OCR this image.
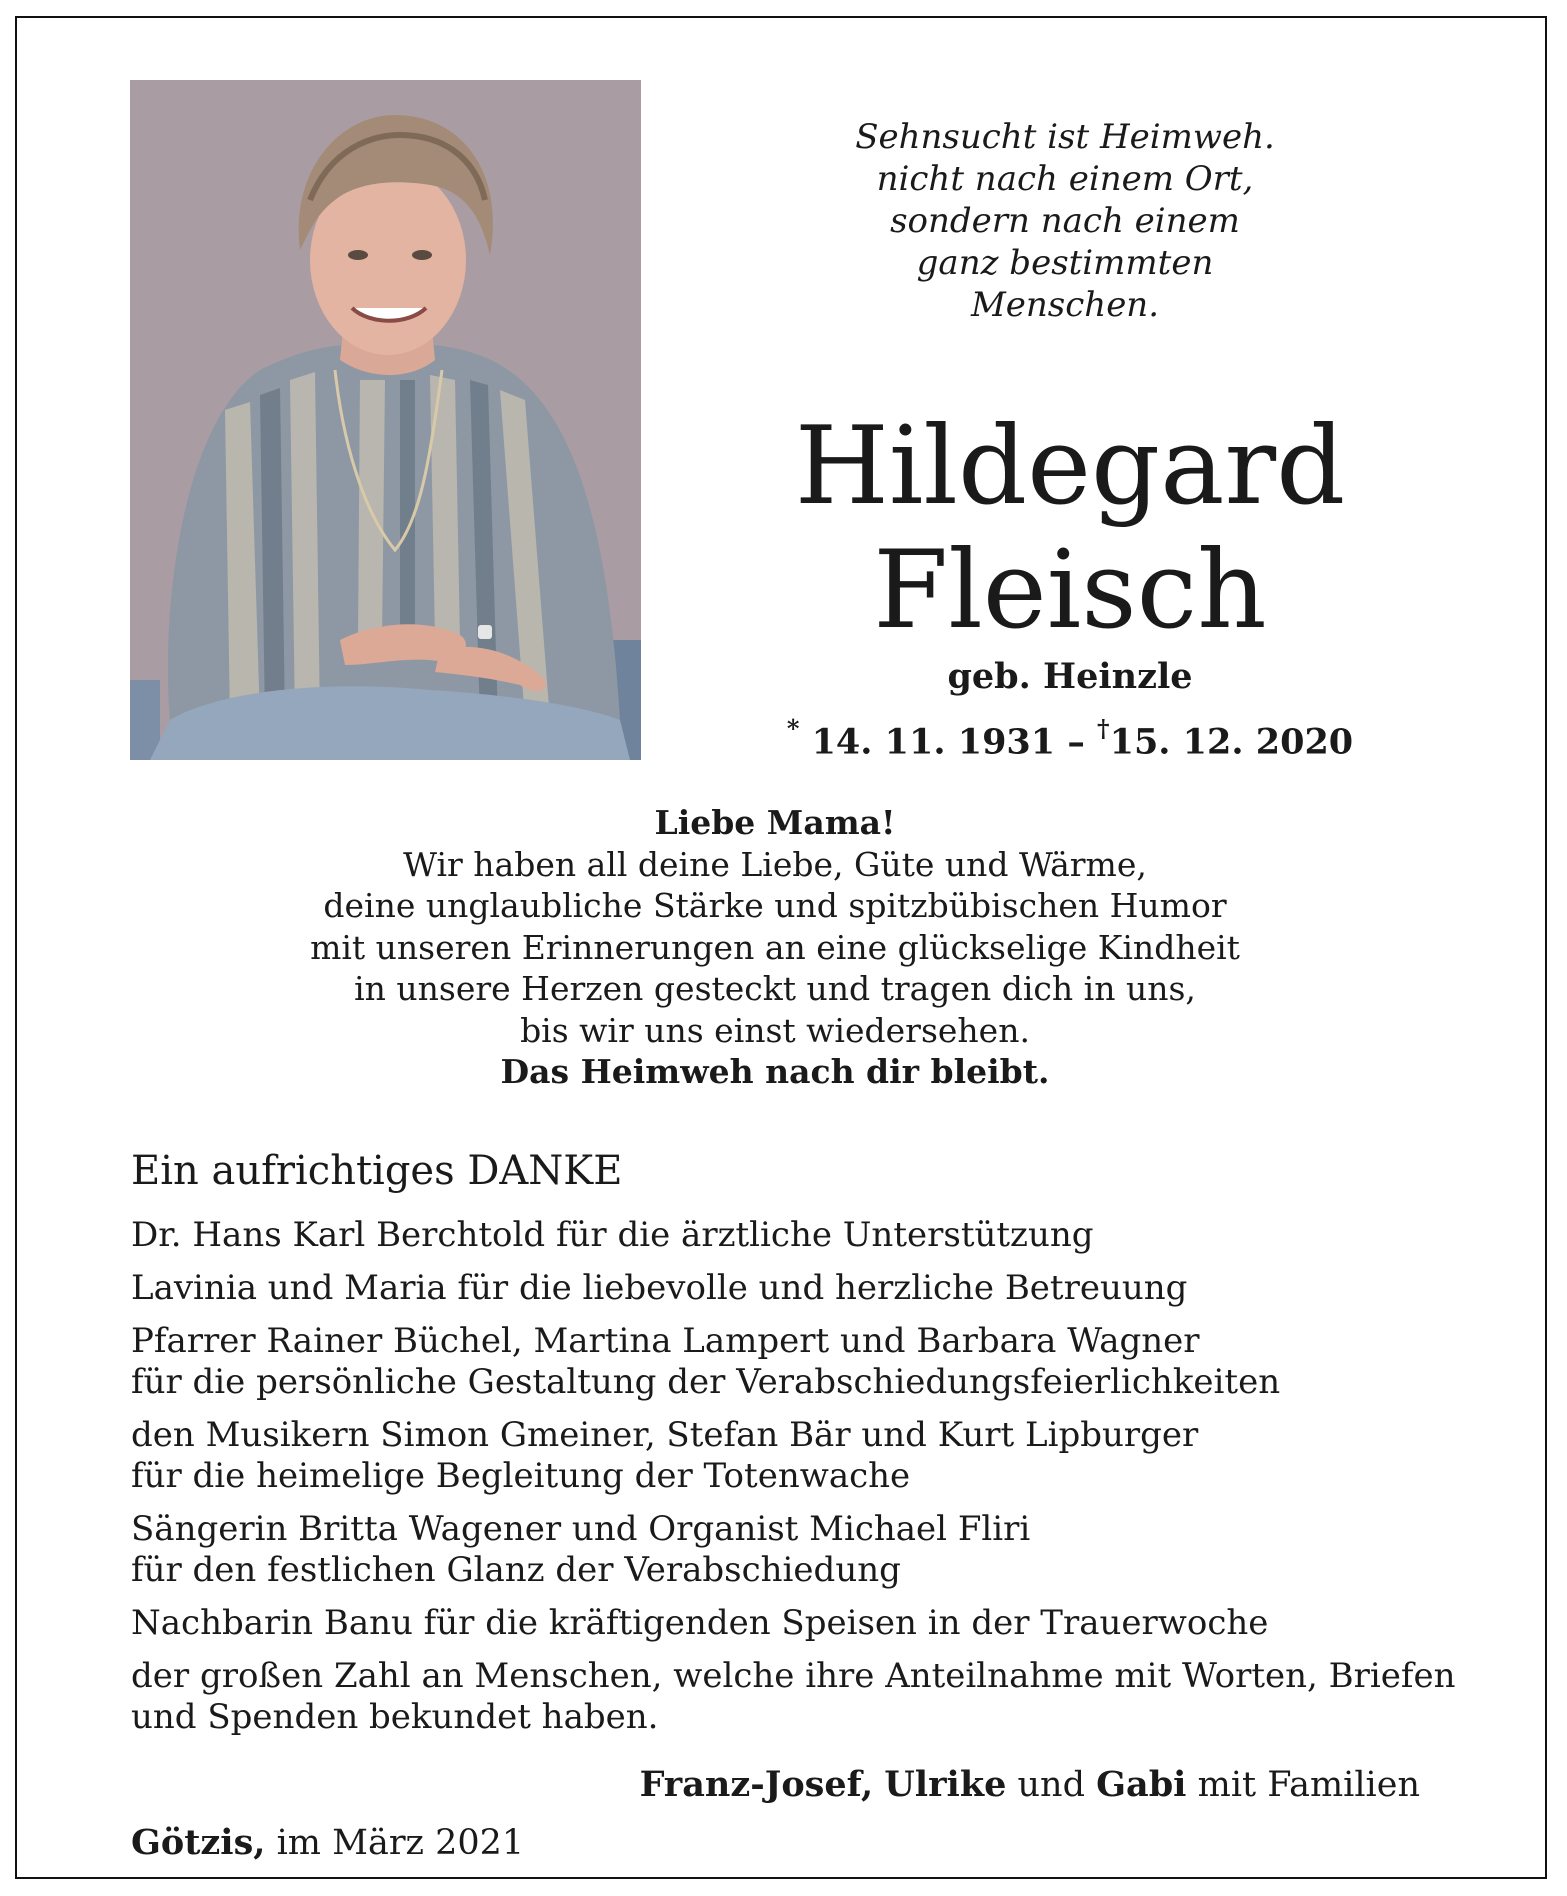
Sehnsucht ist Heimweh.
nicht nach einem Ort,
sondern nach einem
ganz bestimmten
Menschen.
Hildegard
Fleisch
geb. Heinzle
* 14. 11. 1931 – †15. 12. 2020
Liebe Mama!
Wir haben all deine Liebe, Güte und Wärme,
deine unglaubliche Stärke und spitzbübischen Humor
mit unseren Erinnerungen an eine glückselige Kindheit
in unsere Herzen gesteckt und tragen dich in uns,
bis wir uns einst wiedersehen.
Das Heimweh nach dir bleibt.
Ein aufrichtiges DANKE
Dr. Hans Karl Berchtold für die ärztliche Unterstützung
Lavinia und Maria für die liebevolle und herzliche Betreuung
Pfarrer Rainer Büchel, Martina Lampert und Barbara Wagner
für die persönliche Gestaltung der Verabschiedungsfeierlichkeiten
den Musikern Simon Gmeiner, Stefan Bär und Kurt Lipburger
für die heimelige Begleitung der Totenwache
Sängerin Britta Wagener und Organist Michael Fliri
für den festlichen Glanz der Verabschiedung
Nachbarin Banu für die kräftigenden Speisen in der Trauerwoche
der großen Zahl an Menschen, welche ihre Anteilnahme mit Worten, Briefen
und Spenden bekundet haben.
Franz-Josef, Ulrike und Gabi mit Familien
Götzis, im März 2021
